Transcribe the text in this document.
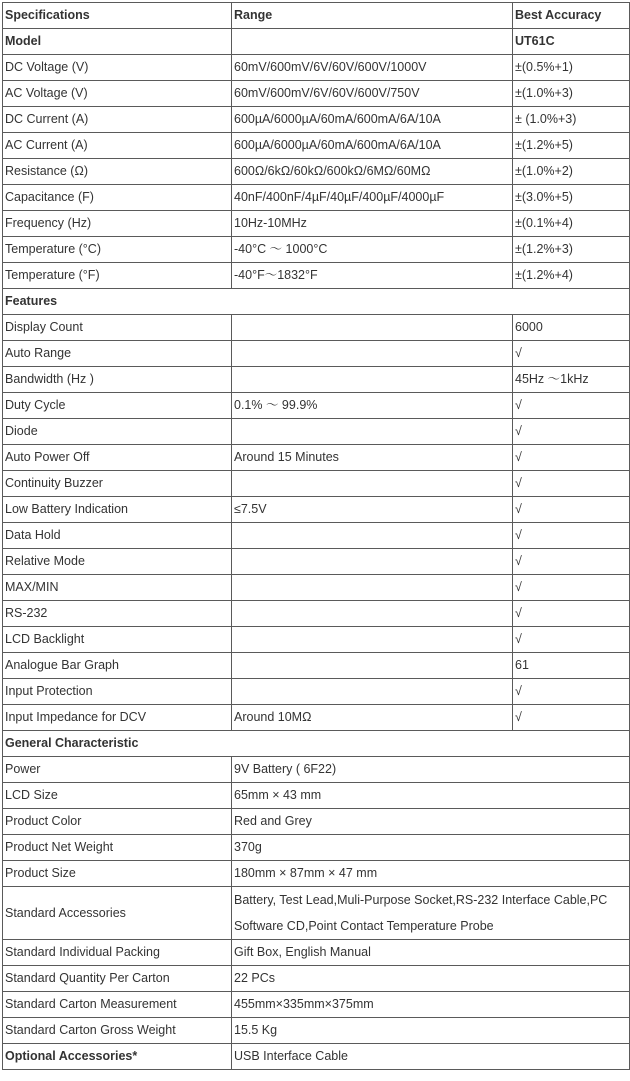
Specifications	Range	Best Accuracy
Model		UT61C
DC Voltage (V)	60mV/600mV/6V/60V/600V/1000V	±(0.5%+1)
AC Voltage (V)	60mV/600mV/6V/60V/600V/750V	±(1.0%+3)
DC Current (A)	600µA/6000µA/60mA/600mA/6A/10A	± (1.0%+3)
AC Current (A)	600µA/6000µA/60mA/600mA/6A/10A	±(1.2%+5)
Resistance (Ω)	600Ω/6kΩ/60kΩ/600kΩ/6MΩ/60MΩ	±(1.0%+2)
Capacitance (F)	40nF/400nF/4µF/40µF/400µF/4000µF	±(3.0%+5)
Frequency (Hz)	10Hz-10MHz	±(0.1%+4)
Temperature (°C)	-40°C ～ 1000°C	±(1.2%+3)
Temperature (°F)	-40°F～1832°F	±(1.2%+4)
Features		
Display Count		6000
Auto Range		√
Bandwidth (Hz )		45Hz ～1kHz
Duty Cycle	0.1% ～ 99.9%	√
Diode		√
Auto Power Off	Around 15 Minutes	√
Continuity Buzzer		√
Low Battery Indication	≤7.5V	√
Data Hold		√
Relative Mode		√
MAX/MIN		√
RS-232		√
LCD Backlight		√
Analogue Bar Graph		61
Input Protection		√
Input Impedance for DCV	Around 10MΩ	√
General Characteristic		
Power	9V Battery ( 6F22)	
LCD Size	65mm × 43 mm	
Product Color	Red and Grey	
Product Net Weight	370g	
Product Size	180mm × 87mm × 47 mm	
Standard Accessories	Battery, Test Lead,Muli-Purpose Socket,RS-232 Interface Cable,PC Software CD,Point Contact Temperature Probe	
Standard Individual Packing	Gift Box, English Manual	
Standard Quantity Per Carton	22 PCs	
Standard Carton Measurement	455mm×335mm×375mm	
Standard Carton Gross Weight	15.5 Kg	
Optional Accessories*	USB Interface Cable	
